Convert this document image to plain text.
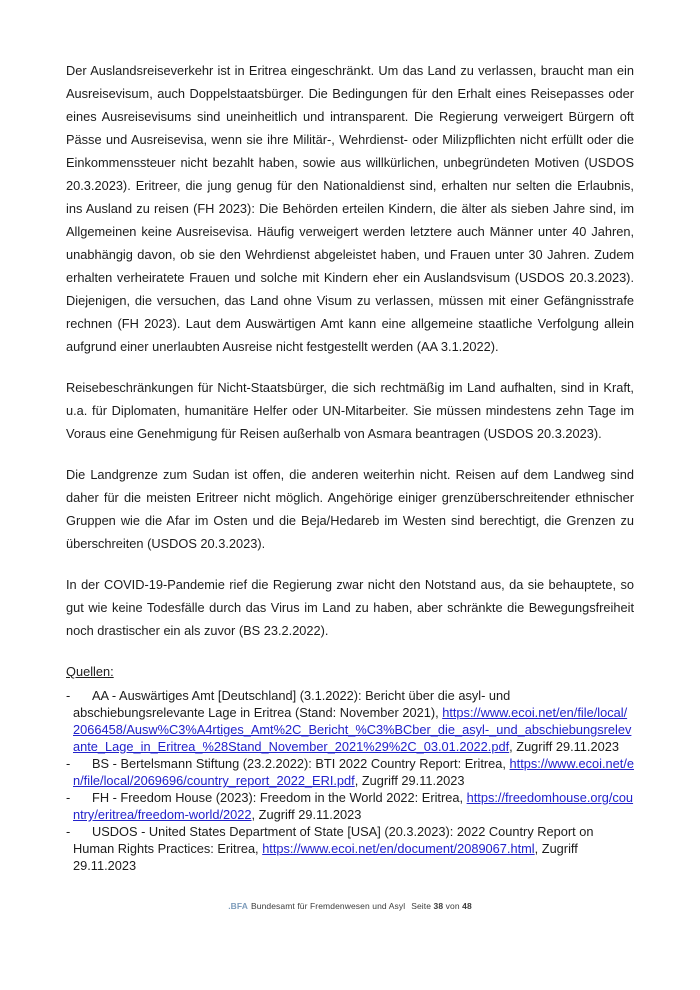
Der Auslandsreiseverkehr ist in Eritrea eingeschränkt. Um das Land zu verlassen, braucht man ein Ausreisevisum, auch Doppelstaatsbürger. Die Bedingungen für den Erhalt eines Reisepasses oder eines Ausreisevisums sind uneinheitlich und intransparent. Die Regierung verweigert Bürgern oft Pässe und Ausreisevisa, wenn sie ihre Militär-, Wehrdienst- oder Milizpflichten nicht erfüllt oder die Einkommenssteuer nicht bezahlt haben, sowie aus willkürlichen, unbegründeten Motiven (USDOS 20.3.2023). Eritreer, die jung genug für den Nationaldienst sind, erhalten nur selten die Erlaubnis, ins Ausland zu reisen (FH 2023): Die Behörden erteilen Kindern, die älter als sieben Jahre sind, im Allgemeinen keine Ausreisevisa. Häufig verweigert werden letztere auch Männer unter 40 Jahren, unabhängig davon, ob sie den Wehrdienst abgeleistet haben, und Frauen unter 30 Jahren. Zudem erhalten verheiratete Frauen und solche mit Kindern eher ein Auslandsvisum (USDOS 20.3.2023). Diejenigen, die versuchen, das Land ohne Visum zu verlassen, müssen mit einer Gefängnisstrafe rechnen (FH 2023). Laut dem Auswärtigen Amt kann eine allgemeine staatliche Verfolgung allein aufgrund einer unerlaubten Ausreise nicht festgestellt werden (AA 3.1.2022).

Reisebeschränkungen für Nicht-Staatsbürger, die sich rechtmäßig im Land aufhalten, sind in Kraft, u.a. für Diplomaten, humanitäre Helfer oder UN-Mitarbeiter. Sie müssen mindestens zehn Tage im Voraus eine Genehmigung für Reisen außerhalb von Asmara beantragen (USDOS 20.3.2023).

Die Landgrenze zum Sudan ist offen, die anderen weiterhin nicht. Reisen auf dem Landweg sind daher für die meisten Eritreer nicht möglich. Angehörige einiger grenzüberschreitender ethnischer Gruppen wie die Afar im Osten und die Beja/Hedareb im Westen sind berechtigt, die Grenzen zu überschreiten (USDOS 20.3.2023).

In der COVID-19-Pandemie rief die Regierung zwar nicht den Notstand aus, da sie behauptete, so gut wie keine Todesfälle durch das Virus im Land zu haben, aber schränkte die Bewegungsfreiheit noch drastischer ein als zuvor (BS 23.2.2022).

Quellen:
- AA - Auswärtiges Amt [Deutschland] (3.1.2022): Bericht über die asyl- und abschiebungsrelevante Lage in Eritrea (Stand: November 2021), https://www.ecoi.net/en/file/local/2066458/Ausw%C3%A4rtiges_Amt%2C_Bericht_%C3%BCber_die_asyl-_und_abschiebungsrelevante_Lage_in_Eritrea_%28Stand_November_2021%29%2C_03.01.2022.pdf, Zugriff 29.11.2023
- BS - Bertelsmann Stiftung (23.2.2022): BTI 2022 Country Report: Eritrea, https://www.ecoi.net/en/file/local/2069696/country_report_2022_ERI.pdf, Zugriff 29.11.2023
- FH - Freedom House (2023): Freedom in the World 2022: Eritrea, https://freedomhouse.org/country/eritrea/freedom-world/2022, Zugriff 29.11.2023
- USDOS - United States Department of State [USA] (20.3.2023): 2022 Country Report on Human Rights Practices: Eritrea, https://www.ecoi.net/en/document/2089067.html, Zugriff 29.11.2023
.BFA Bundesamt für Fremdenwesen und Asyl Seite 38 von 48
